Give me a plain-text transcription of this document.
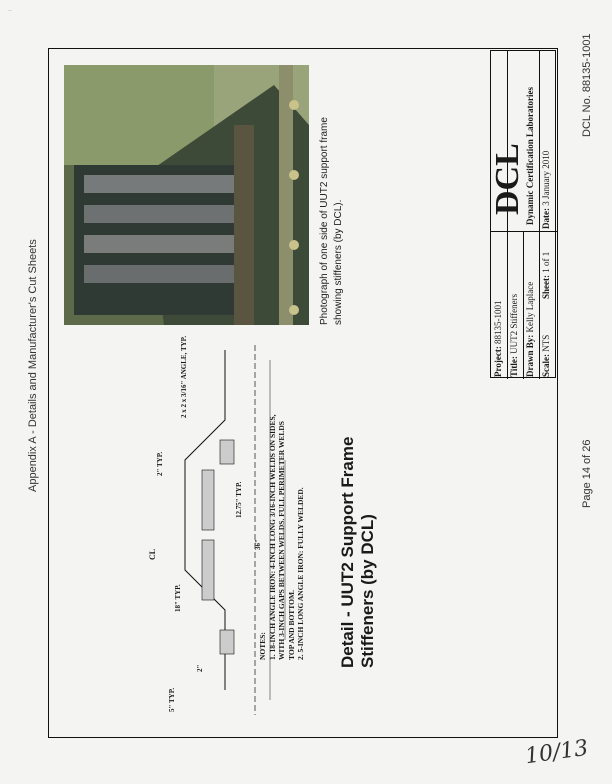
..
Appendix A - Details and Manufacturer's Cut Sheets	Page 14 of 26
DCL No. 88135-1001
Photograph of one side of UUT2 support frame showing stiffeners (by DCL).
CL
2" TYP.
2 x 2 x 3/16" ANGLE, TYP.
12.75" TYP.
36"
18" TYP.
5" TYP.
2"
NOTES: 1. 18-INCH ANGLE IRON: 4-INCH LONG 3/16-INCH WELDS ON SIDES, WITH 3-INCH GAPS BETWEEN WELDS. FULL PERIMETER WELDS TOP AND BOTTOM. 2. 5-INCH LONG ANGLE IRON: FULLY WELDED. Detail - UUT2 Support Frame Stiffeners (by DCL)
Project: 88135-1001
Title: UUT2 Stiffeners
Drawn By: Kelly Laplace
Scale: NTS
Sheet: 1 of 1
Date: 3 January 2010
DCL Dynamic Certification Laboratories
10/13
